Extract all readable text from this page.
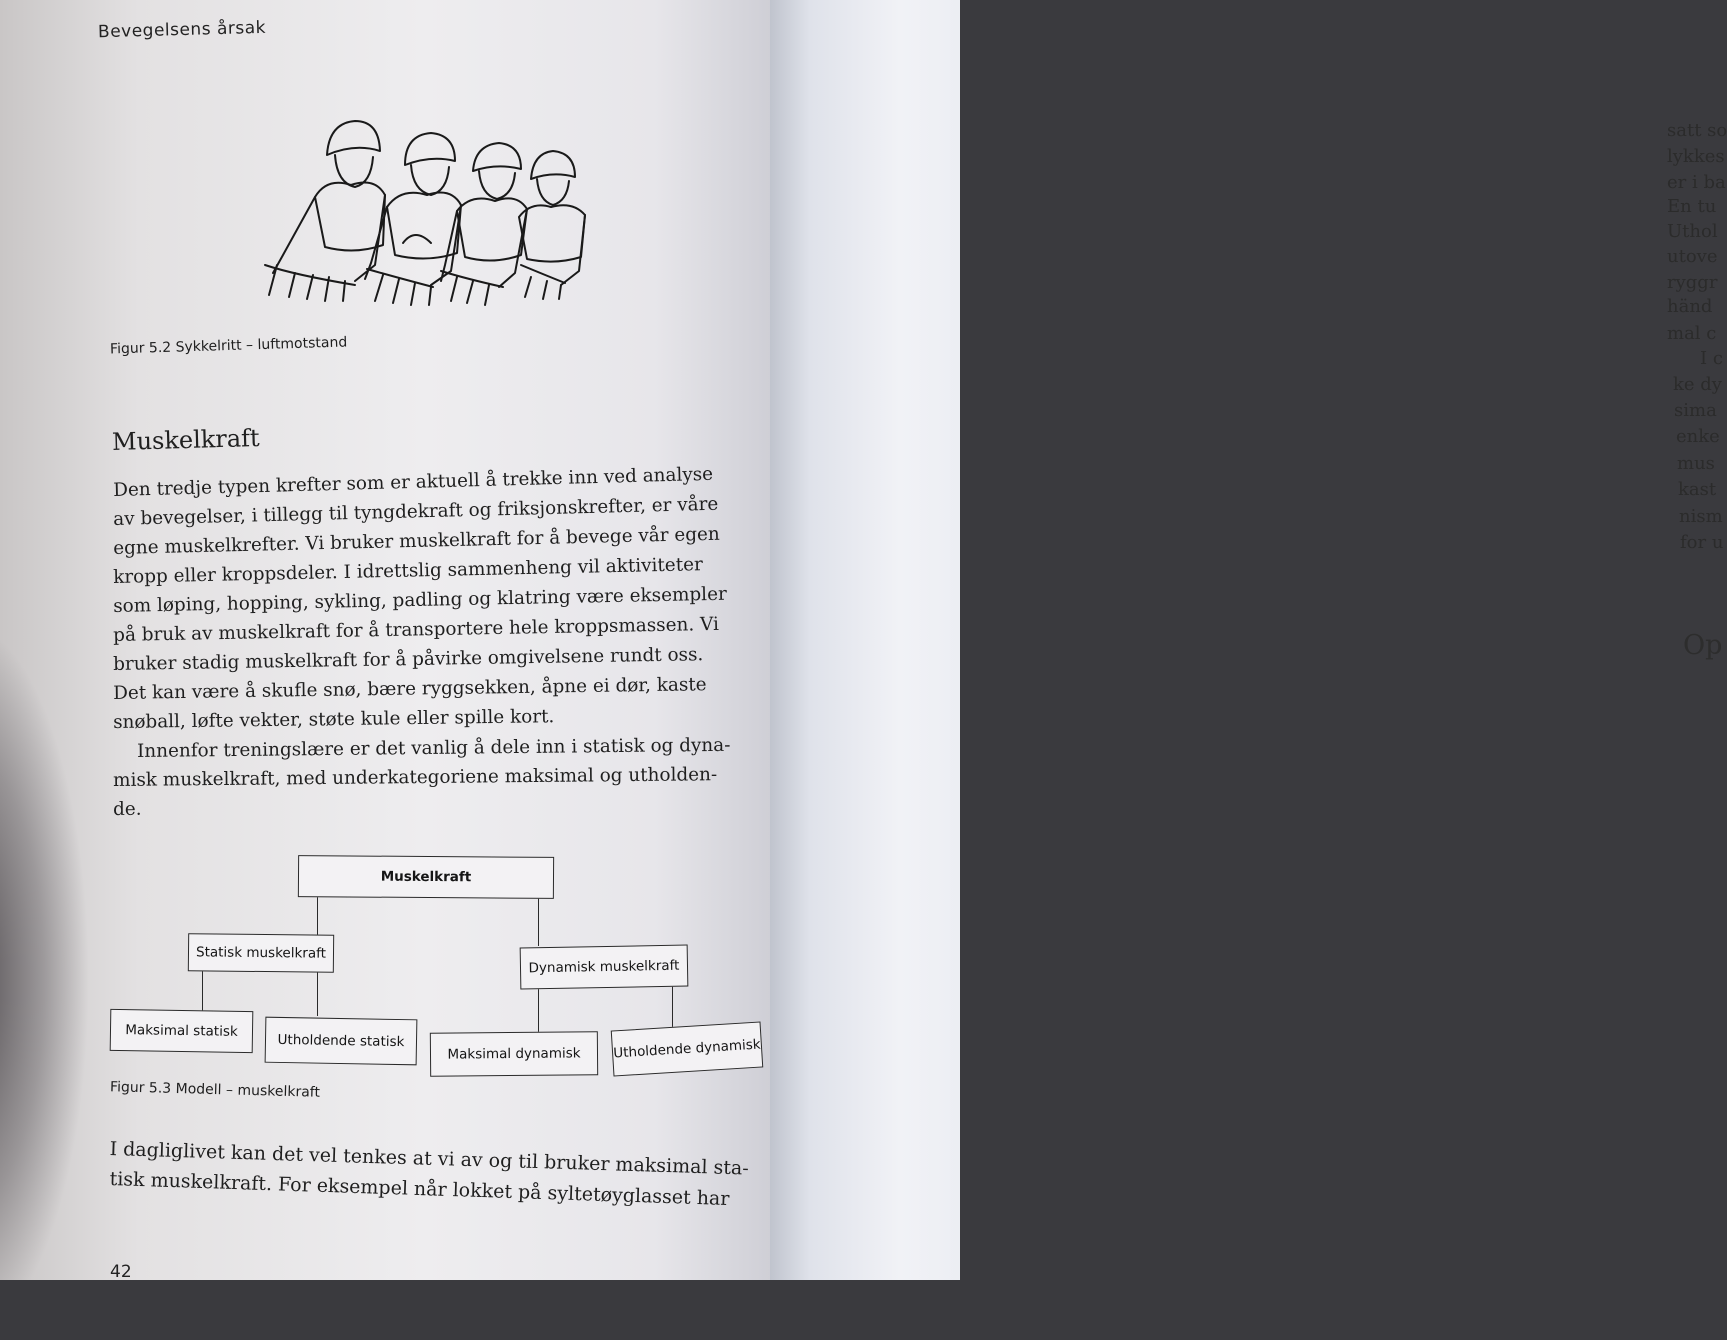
satt so
lykkes
er i ba
En tu
Uthol
utove
ryggr
händ
mal c
I c
ke dy
sima
enke
mus
kast
nism
for u
Op
Bevegelsens årsak
Figur 5.2 Sykkelritt – luftmotstand
Muskelkraft
Den tredje typen krefter som er aktuell å trekke inn ved analyse
av bevegelser, i tillegg til tyngdekraft og friksjonskrefter, er våre
egne muskelkrefter. Vi bruker muskelkraft for å bevege vår egen
kropp eller kroppsdeler. I idrettslig sammenheng vil aktiviteter
som løping, hopping, sykling, padling og klatring være eksempler
på bruk av muskelkraft for å transportere hele kroppsmassen. Vi
bruker stadig muskelkraft for å påvirke omgivelsene rundt oss.
Det kan være å skufle snø, bære ryggsekken, åpne ei dør, kaste
snøball, løfte vekter, støte kule eller spille kort.
Innenfor treningslære er det vanlig å dele inn i statisk og dyna-
misk muskelkraft, med underkategoriene maksimal og utholden-
de.
Muskelkraft
Statisk muskelkraft
Dynamisk muskelkraft
Maksimal statisk
Utholdende statisk
Maksimal dynamisk	Utholdende dynamisk
Figur 5.3 Modell – muskelkraft
I dagliglivet kan det vel tenkes at vi av og til bruker maksimal sta-
tisk muskelkraft. For eksempel når lokket på syltetøyglasset har
42
